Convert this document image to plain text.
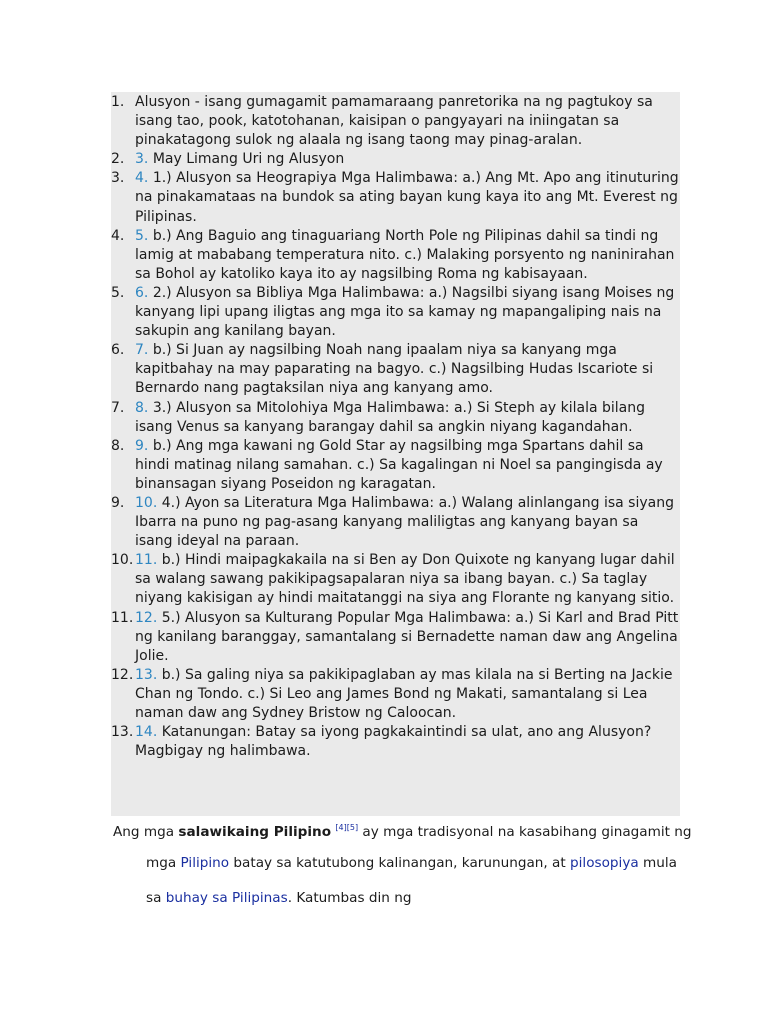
1. Alusyon - isang gumagamit pamamaraang panretorika na ng pagtukoy sa isang tao, pook, katotohanan, kaisipan o pangyayari na iniingatan sa pinakatagong sulok ng alaala ng isang taong may pinag-aralan.
2. 3. May Limang Uri ng Alusyon
3. 4. 1.) Alusyon sa Heograpiya Mga Halimbawa: a.) Ang Mt. Apo ang itinuturing na pinakamataas na bundok sa ating bayan kung kaya ito ang Mt. Everest ng Pilipinas.
4. 5. b.) Ang Baguio ang tinaguariang North Pole ng Pilipinas dahil sa tindi ng lamig at mababang temperatura nito. c.) Malaking porsyento ng naninirahan sa Bohol ay katoliko kaya ito ay nagsilbing Roma ng kabisayaan.
5. 6. 2.) Alusyon sa Bibliya Mga Halimbawa: a.) Nagsilbi siyang isang Moises ng kanyang lipi upang iligtas ang mga ito sa kamay ng mapangaliping nais na sakupin ang kanilang bayan.
6. 7. b.) Si Juan ay nagsilbing Noah nang ipaalam niya sa kanyang mga kapitbahay na may paparating na bagyo. c.) Nagsilbing Hudas Iscariote si Bernardo nang pagtaksilan niya ang kanyang amo.
7. 8. 3.) Alusyon sa Mitolohiya Mga Halimbawa: a.) Si Steph ay kilala bilang isang Venus sa kanyang barangay dahil sa angkin niyang kagandahan.
8. 9. b.) Ang mga kawani ng Gold Star ay nagsilbing mga Spartans dahil sa hindi matinag nilang samahan. c.) Sa kagalingan ni Noel sa pangingisda ay binansagan siyang Poseidon ng karagatan.
9. 10. 4.) Ayon sa Literatura Mga Halimbawa: a.) Walang alinlangang isa siyang Ibarra na puno ng pag-asang kanyang maliligtas ang kanyang bayan sa isang ideyal na paraan.
10. 11. b.) Hindi maipagkakaila na si Ben ay Don Quixote ng kanyang lugar dahil sa walang sawang pakikipagsapalaran niya sa ibang bayan. c.) Sa taglay niyang kakisigan ay hindi maitatanggi na siya ang Florante ng kanyang sitio.
11. 12. 5.) Alusyon sa Kulturang Popular Mga Halimbawa: a.) Si Karl and Brad Pitt ng kanilang baranggay, samantalang si Bernadette naman daw ang Angelina Jolie.
12. 13. b.) Sa galing niya sa pakikipaglaban ay mas kilala na si Berting na Jackie Chan ng Tondo. c.) Si Leo ang James Bond ng Makati, samantalang si Lea naman daw ang Sydney Bristow ng Caloocan.
13. 14. Katanungan: Batay sa iyong pagkakaintindi sa ulat, ano ang Alusyon? Magbigay ng halimbawa.

Ang mga salawikaing Pilipino [4][5] ay mga tradisyonal na kasabihang ginagamit ng

mga Pilipino batay sa katutubong kalinangan, karunungan, at pilosopiya mula

sa buhay sa Pilipinas. Katumbas din ng
